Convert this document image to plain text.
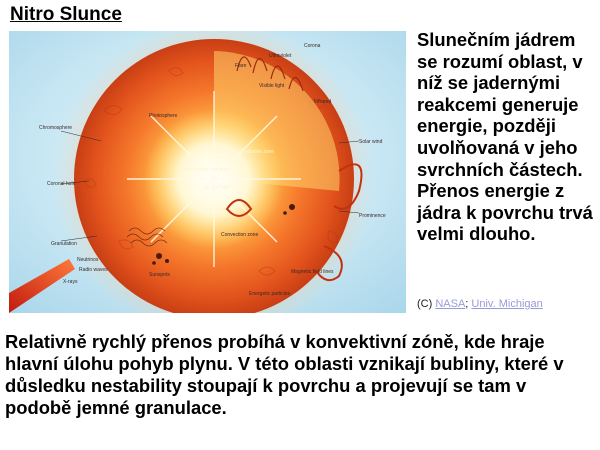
Nitro Slunce
Core	Radiative zone
Thermonuclear reactions
15,000,000°
Convection zone
Photosphere
Chromosphere
Corona
Sunspots
Flare
Prominence
Granulation
Solar wind
Coronal hole
Magnetic field lines
Radio waves
X-rays
Energetic particles
Visible light
Infrared
Ultraviolet
Neutrinos
Slunečním jádrem se rozumí oblast, v níž se jadernými reakcemi generuje energie, později uvolňovaná v jeho svrchních částech. Přenos energie z jádra k povrchu trvá velmi dlouho.
(C) NASA; Univ. Michigan
Relativně rychlý přenos probíhá v konvektivní zóně, kde hraje hlavní úlohu pohyb plynu. V této oblasti vznikají bubliny, které v důsledku nestability stoupají k povrchu a projevují se tam v podobě jemné granulace.
